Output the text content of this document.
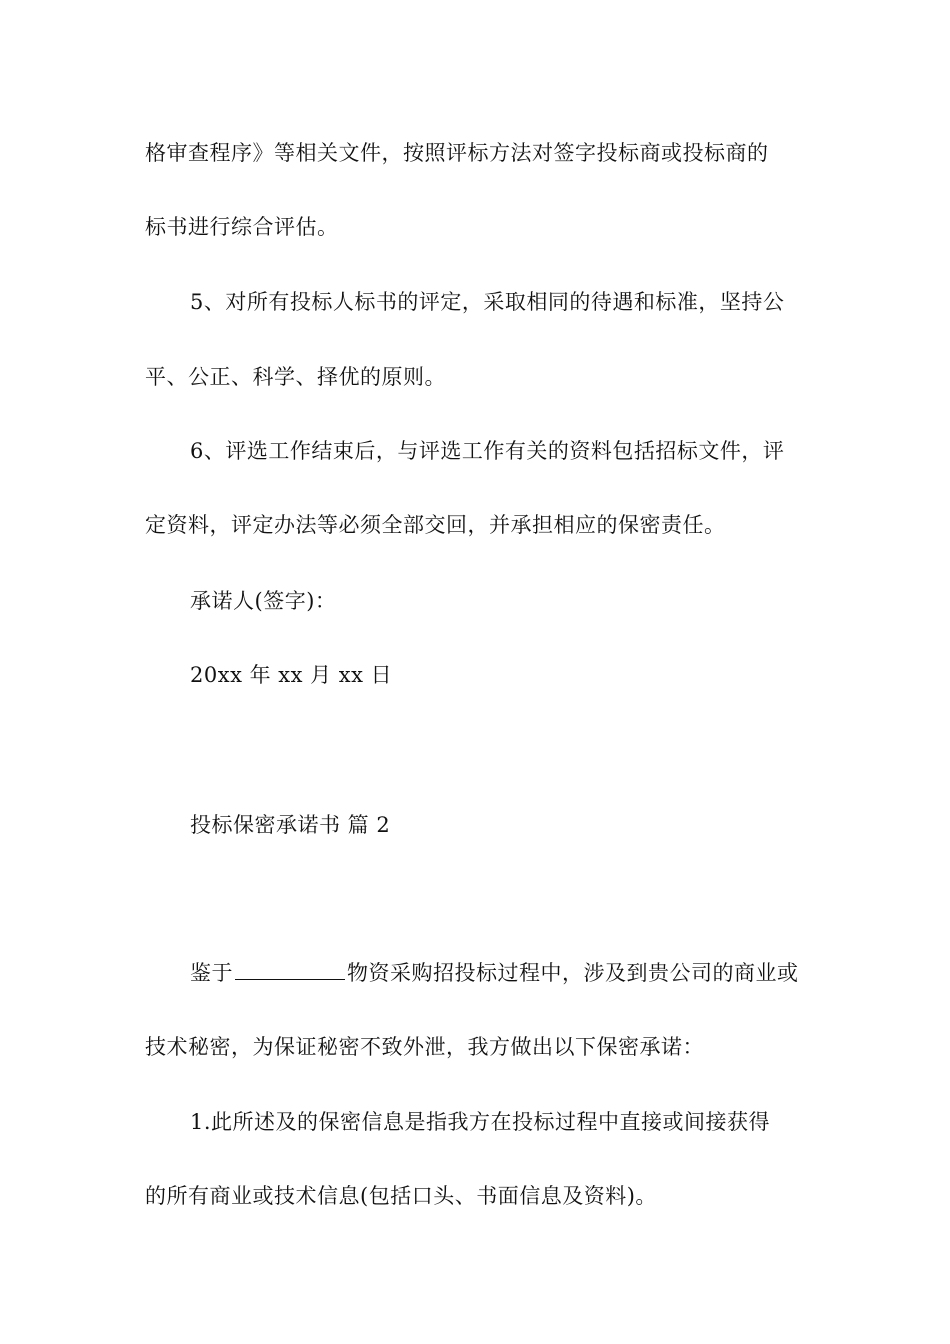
格审查程序》等相关文件，按照评标方法对签字投标商或投标商的
标书进行综合评估。
5、对所有投标人标书的评定，采取相同的待遇和标准，坚持公
平、公正、科学、择优的原则。
6、评选工作结束后，与评选工作有关的资料包括招标文件，评
定资料，评定办法等必须全部交回，并承担相应的保密责任。
承诺人(签字)：
20xx 年 xx 月 xx 日
投标保密承诺书 篇 2
鉴于	物资采购招投标过程中，涉及到贵公司的商业或
技术秘密，为保证秘密不致外泄，我方做出以下保密承诺：
1.此所述及的保密信息是指我方在投标过程中直接或间接获得
的所有商业或技术信息(包括口头、书面信息及资料)。
